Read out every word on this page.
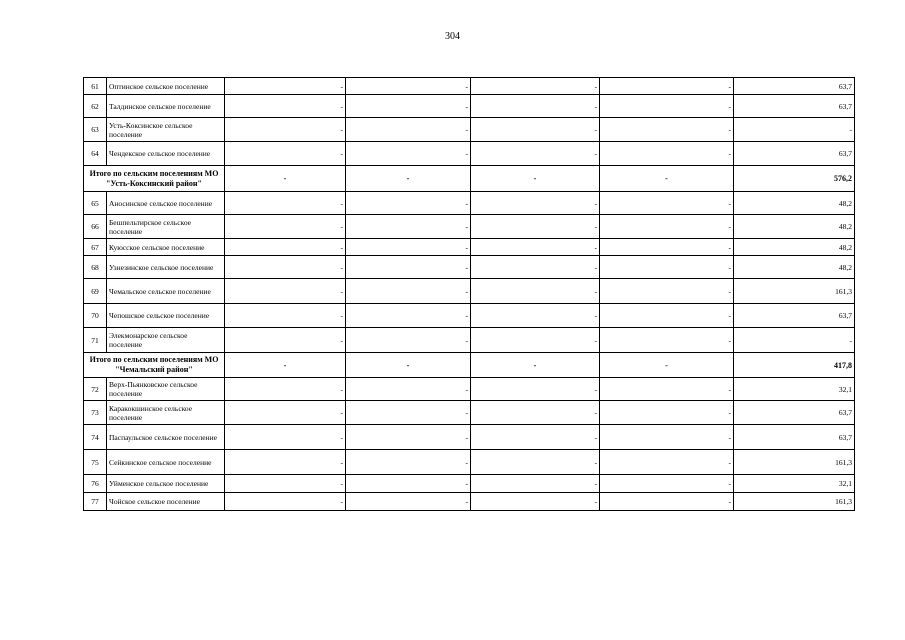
304
61	Оптинское сельское поселение	-	-	-	-	63,7
62	Талдинское сельское поселение	-	-	-	-	63,7
63	Усть-Коксинское сельское поселение	-	-	-	-	-
64	Чендекское сельское поселение	-	-	-	-	63,7
Итого по сельским поселениям МО "Усть-Коксинский район"		-	-	-	-	576,2
65	Аносинское сельское поселение	-	-	-	-	48,2
66	Бешпельтирское сельское поселение	-	-	-	-	48,2
67	Куюсское сельское поселение	-	-	-	-	48,2
68	Узнезинское сельское поселение	-	-	-	-	48,2
69	Чемальское сельское поселение	-	-	-	-	161,3
70	Чепошское сельское поселение	-	-	-	-	63,7
71	Элекмонарское сельское поселение	-	-	-	-	-
Итого по сельским поселениям МО "Чемальский район"		-	-	-	-	417,8
72	Верх-Пьянковское сельское поселение	-	-	-	-	32,1
73	Каракокшинское сельское поселение	-	-	-	-	63,7
74	Паспаульское сельское поселение	-	-	-	-	63,7
75	Сейкинское сельское поселение	-	-	-	-	161,3
76	Уйменское сельское поселение	-	-	-	-	32,1
77	Чойское сельское поселение	-	-	-	-	161,3
